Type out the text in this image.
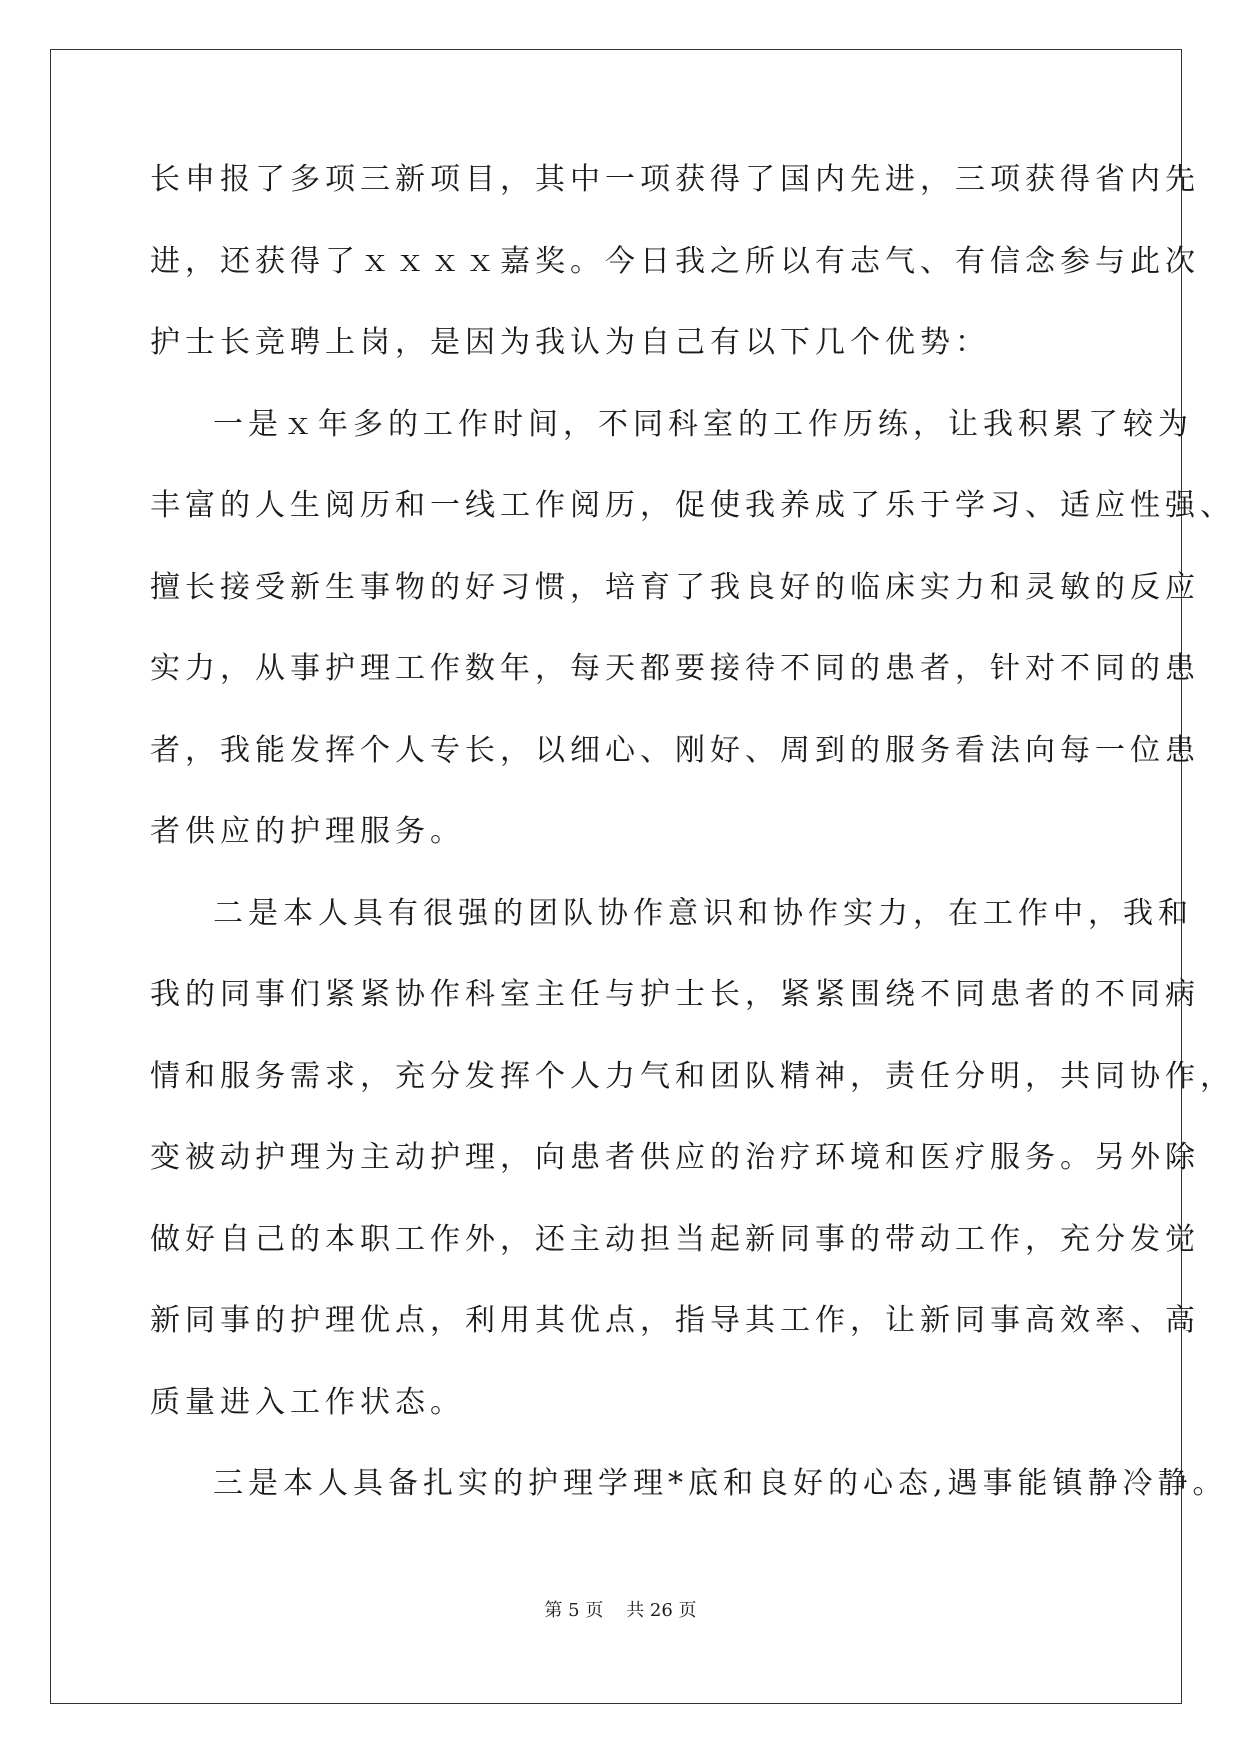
长申报了多项三新项目，其中一项获得了国内先进，三项获得省内先
进，还获得了ｘｘｘｘ嘉奖。今日我之所以有志气、有信念参与此次
护士长竞聘上岗，是因为我认为自己有以下几个优势：
一是ｘ年多的工作时间，不同科室的工作历练，让我积累了较为
丰富的人生阅历和一线工作阅历，促使我养成了乐于学习、适应性强、
擅长接受新生事物的好习惯，培育了我良好的临床实力和灵敏的反应
实力，从事护理工作数年，每天都要接待不同的患者，针对不同的患
者，我能发挥个人专长，以细心、刚好、周到的服务看法向每一位患
者供应的护理服务。
二是本人具有很强的团队协作意识和协作实力，在工作中，我和
我的同事们紧紧协作科室主任与护士长，紧紧围绕不同患者的不同病
情和服务需求，充分发挥个人力气和团队精神，责任分明，共同协作，
变被动护理为主动护理，向患者供应的治疗环境和医疗服务。另外除
做好自己的本职工作外，还主动担当起新同事的带动工作，充分发觉
新同事的护理优点，利用其优点，指导其工作，让新同事高效率、高
质量进入工作状态。
三是本人具备扎实的护理学理*底和良好的心态,遇事能镇静冷静。
第 5 页    共 26 页
